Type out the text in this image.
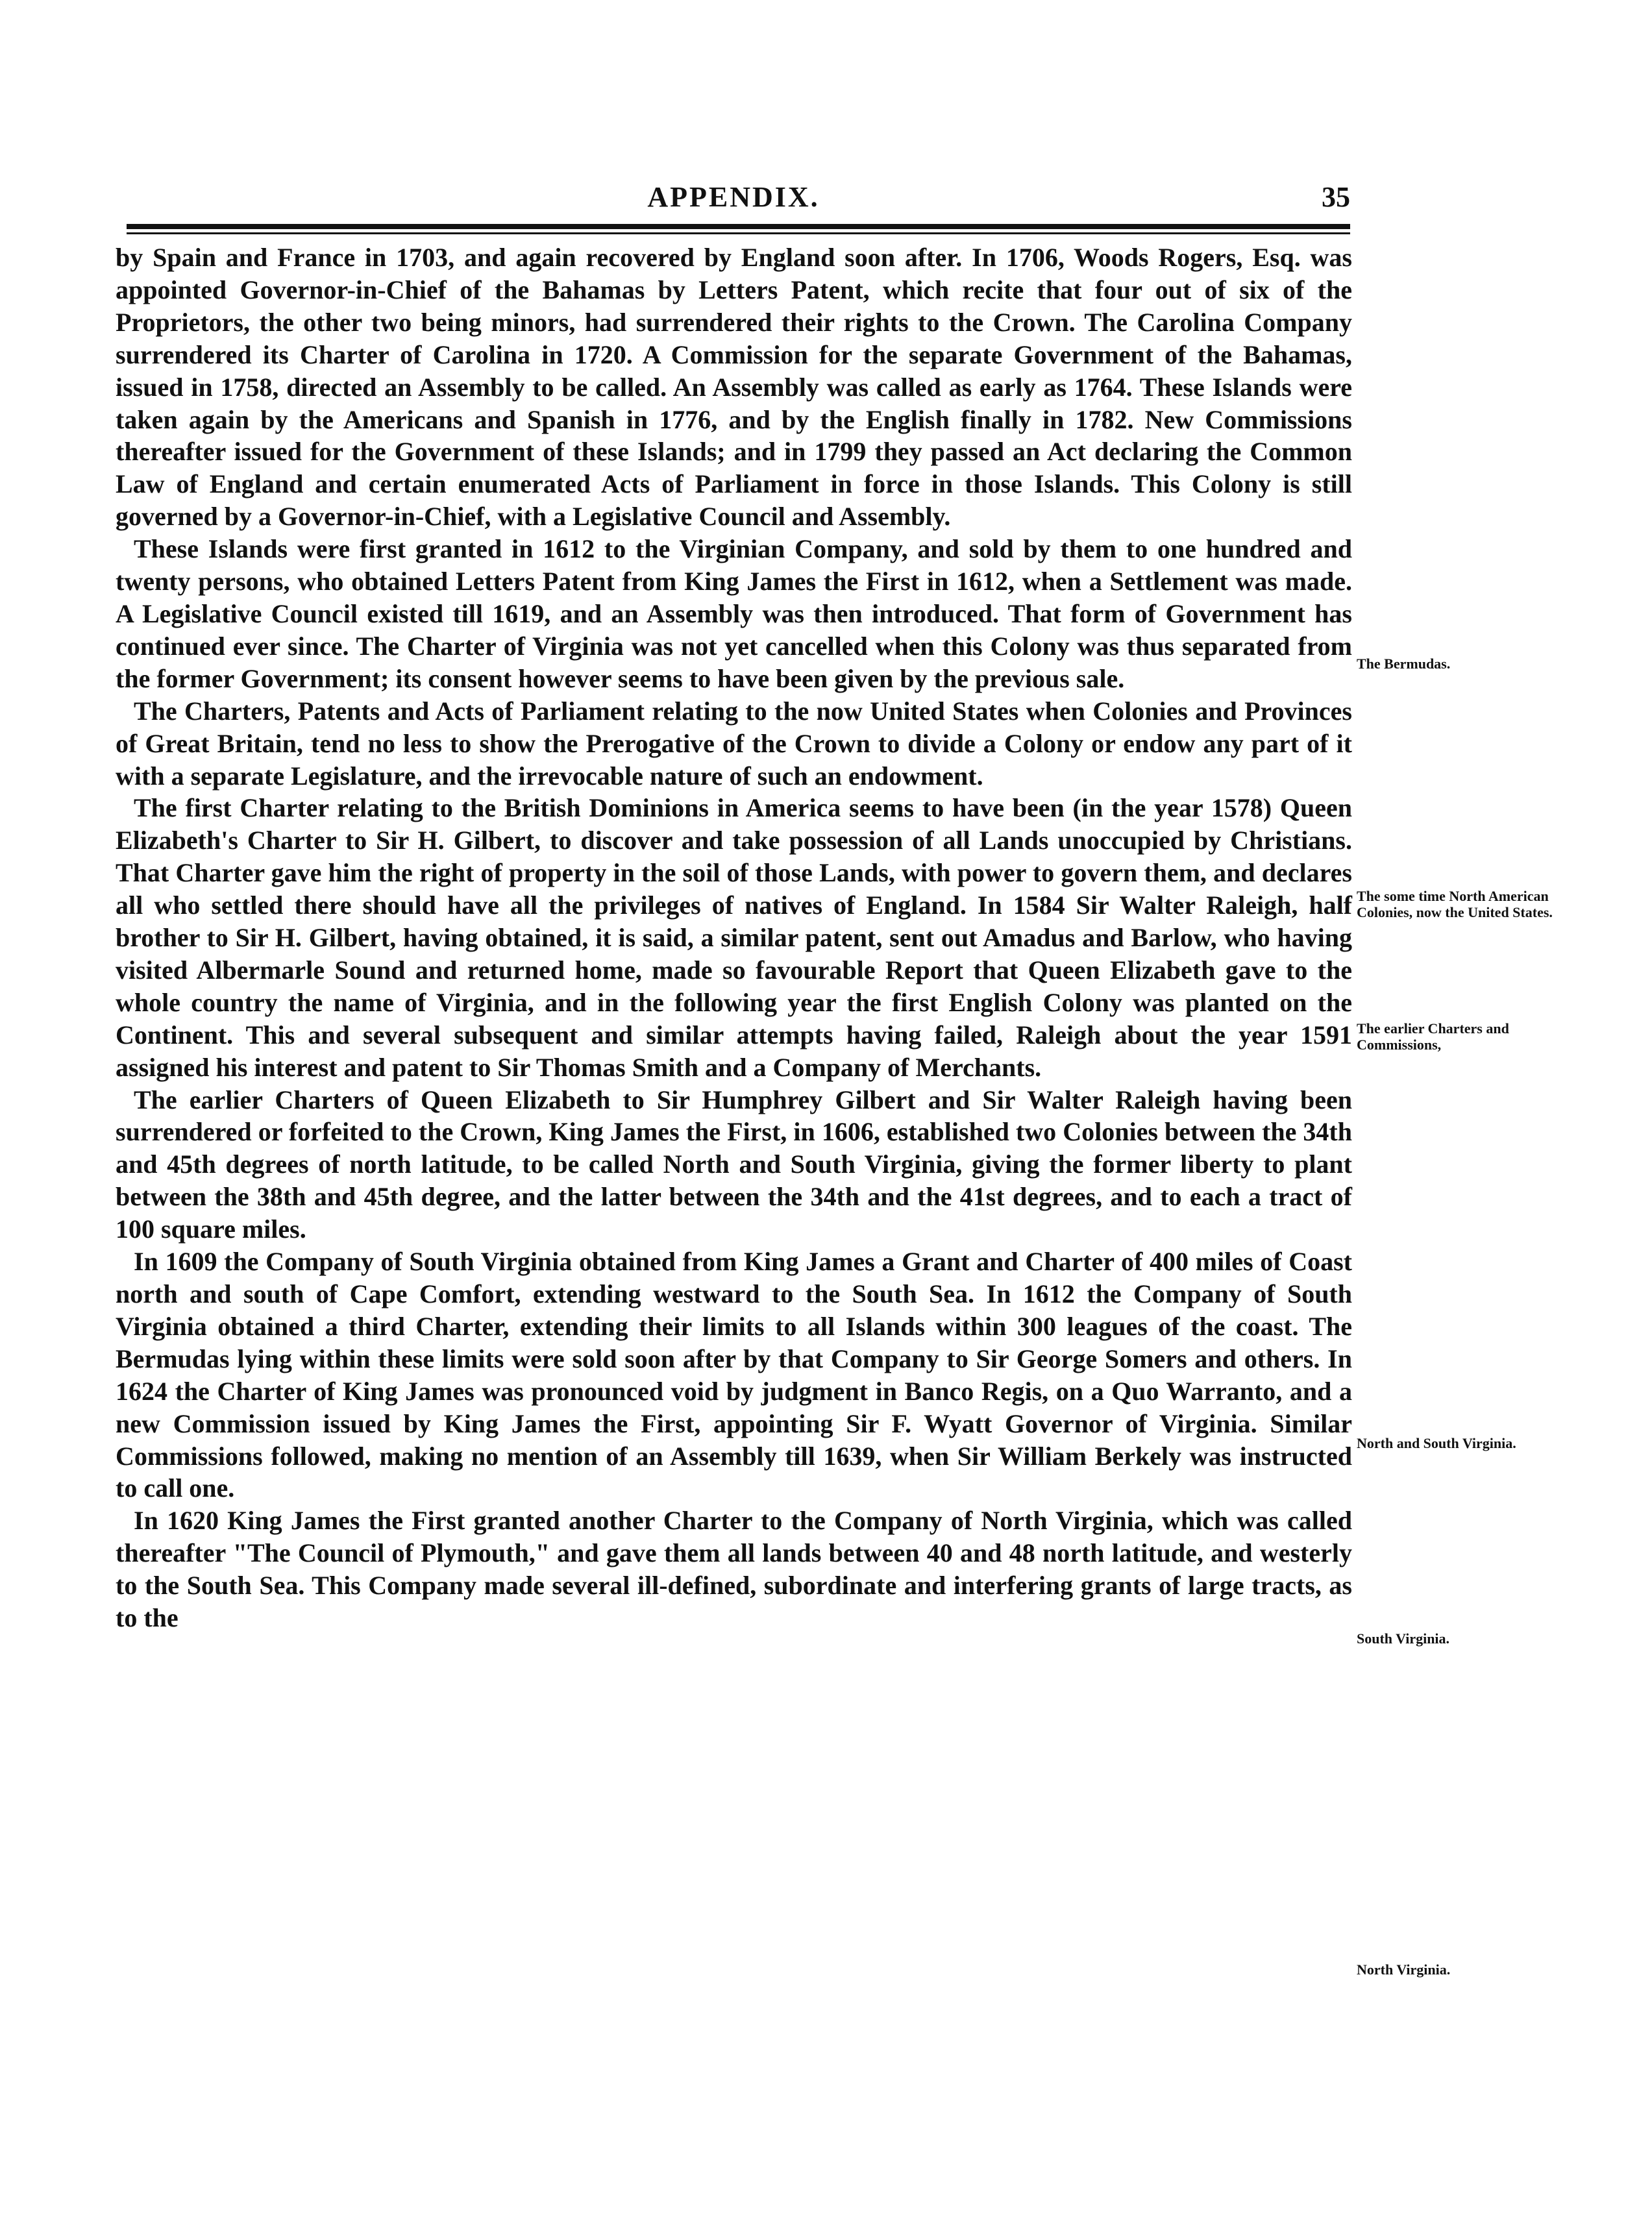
APPENDIX.	35

by Spain and France in 1703, and again recovered by England soon after. In 1706, Woods Rogers, Esq. was appointed Governor-in-Chief of the Bahamas by Letters Patent, which recite that four out of six of the Proprietors, the other two being minors, had surrendered their rights to the Crown. The Carolina Company surrendered its Charter of Carolina in 1720. A Commission for the separate Government of the Bahamas, issued in 1758, directed an Assembly to be called. An Assembly was called as early as 1764. These Islands were taken again by the Americans and Spanish in 1776, and by the English finally in 1782. New Commissions thereafter issued for the Government of these Islands; and in 1799 they passed an Act declaring the Common Law of England and certain enumerated Acts of Parliament in force in those Islands. This Colony is still governed by a Governor-in-Chief, with a Legislative Council and Assembly.

These Islands were first granted in 1612 to the Virginian Company, and sold by them to one hundred and twenty persons, who obtained Letters Patent from King James the First in 1612, when a Settlement was made. A Legislative Council existed till 1619, and an Assembly was then introduced. That form of Government has continued ever since. The Charter of Virginia was not yet cancelled when this Colony was thus separated from the former Government; its consent however seems to have been given by the previous sale.

The Charters, Patents and Acts of Parliament relating to the now United States when Colonies and Provinces of Great Britain, tend no less to show the Prerogative of the Crown to divide a Colony or endow any part of it with a separate Legislature, and the irrevocable nature of such an endowment.

The first Charter relating to the British Dominions in America seems to have been (in the year 1578) Queen Elizabeth's Charter to Sir H. Gilbert, to discover and take possession of all Lands unoccupied by Christians. That Charter gave him the right of property in the soil of those Lands, with power to govern them, and declares all who settled there should have all the privileges of natives of England. In 1584 Sir Walter Raleigh, half brother to Sir H. Gilbert, having obtained, it is said, a similar patent, sent out Amadus and Barlow, who having visited Albermarle Sound and returned home, made so favourable Report that Queen Elizabeth gave to the whole country the name of Virginia, and in the following year the first English Colony was planted on the Continent. This and several subsequent and similar attempts having failed, Raleigh about the year 1591 assigned his interest and patent to Sir Thomas Smith and a Company of Merchants.

The earlier Charters of Queen Elizabeth to Sir Humphrey Gilbert and Sir Walter Raleigh having been surrendered or forfeited to the Crown, King James the First, in 1606, established two Colonies between the 34th and 45th degrees of north latitude, to be called North and South Virginia, giving the former liberty to plant between the 38th and 45th degree, and the latter between the 34th and the 41st degrees, and to each a tract of 100 square miles.

In 1609 the Company of South Virginia obtained from King James a Grant and Charter of 400 miles of Coast north and south of Cape Comfort, extending westward to the South Sea. In 1612 the Company of South Virginia obtained a third Charter, extending their limits to all Islands within 300 leagues of the coast. The Bermudas lying within these limits were sold soon after by that Company to Sir George Somers and others. In 1624 the Charter of King James was pronounced void by judgment in Banco Regis, on a Quo Warranto, and a new Commission issued by King James the First, appointing Sir F. Wyatt Governor of Virginia. Similar Commissions followed, making no mention of an Assembly till 1639, when Sir William Berkely was instructed to call one.

In 1620 King James the First granted another Charter to the Company of North Virginia, which was called thereafter "The Council of Plymouth," and gave them all lands between 40 and 48 north latitude, and westerly to the South Sea. This Company made several ill-defined, subordinate and interfering grants of large tracts, as to the

The Bermudas.
The some time North American Colonies, now the United States.
The earlier Charters and Commissions,
North and South Virginia.
South Virginia.
North Virginia.
